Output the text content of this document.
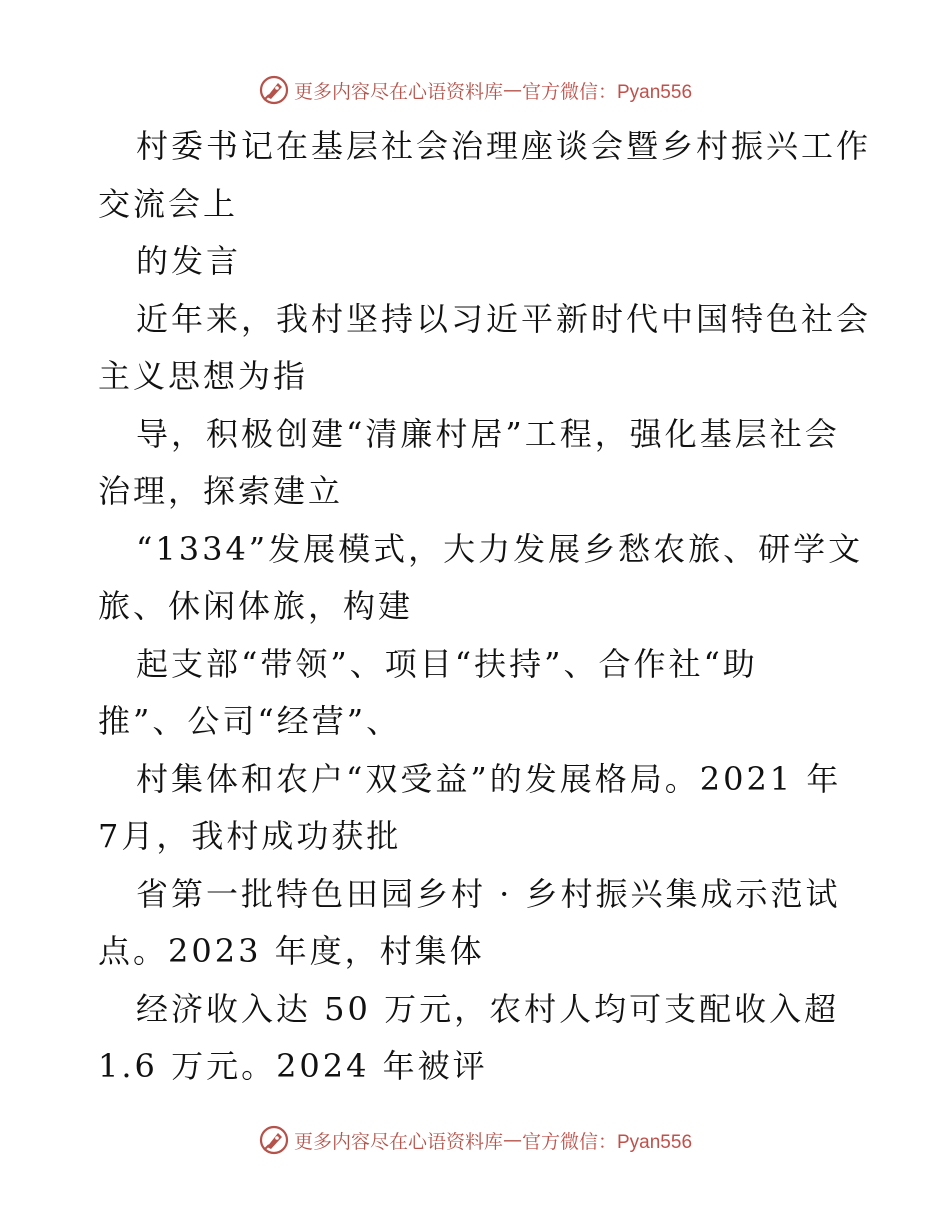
更多内容尽在心语资料库 — 官方微信：Pyan556
村委书记在基层社会治理座谈会暨乡村振兴工作
交流会上
的发言
近年来，我村坚持以习近平新时代中国特色社会
主义思想为指
导，积极创建“清廉村居”工程，强化基层社会
治理，探索建立
“1334”发展模式，大力发展乡愁农旅、研学文
旅、休闲体旅，构建
起支部“带领”、项目“扶持”、合作社“助
推”、公司“经营”、
村集体和农户“双受益”的发展格局。2021 年
7月，我村成功获批
省第一批特色田园乡村 · 乡村振兴集成示范试
点。2023 年度，村集体
经济收入达 50 万元，农村人均可支配收入超
1.6 万元。2024 年被评
更多内容尽在心语资料库 — 官方微信：Pyan556
